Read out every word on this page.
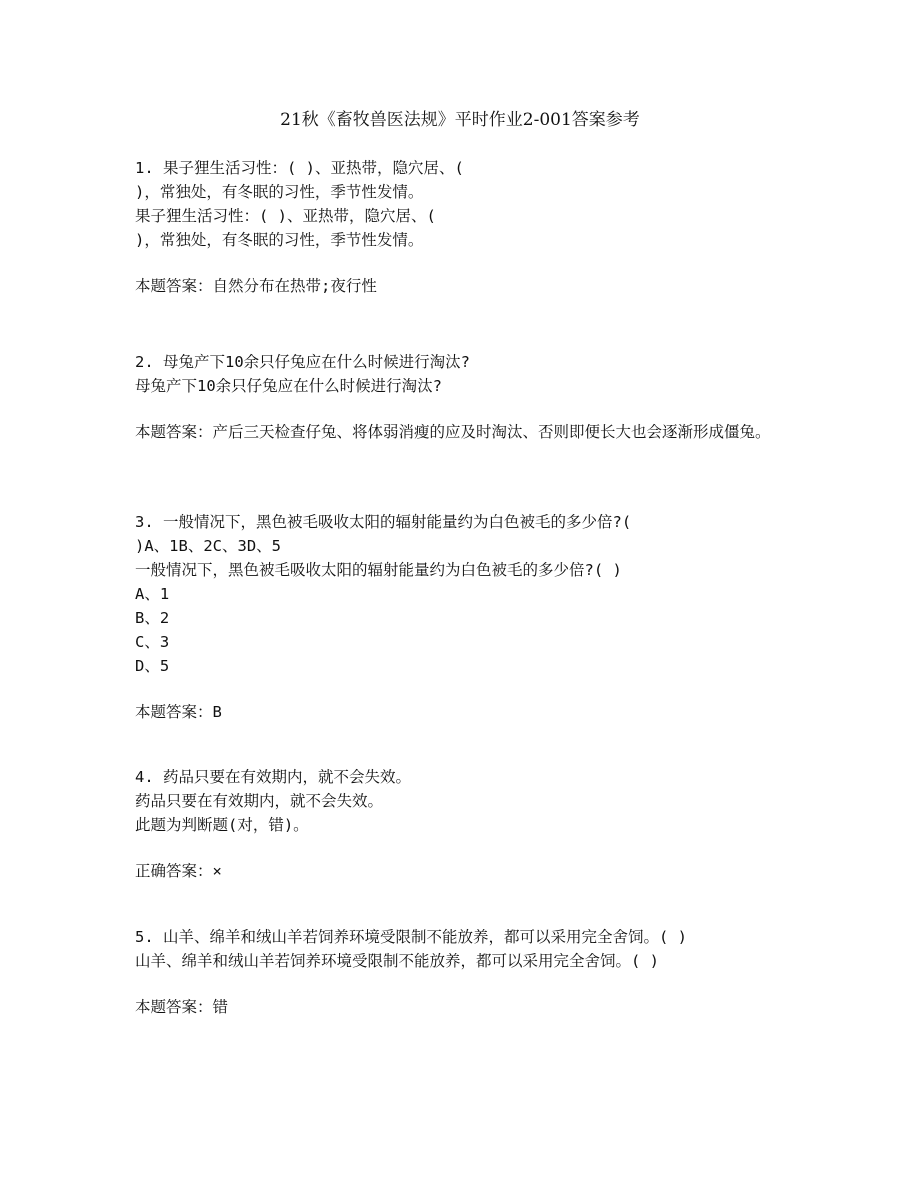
21秋《畜牧兽医法规》平时作业2-001答案参考
1. 果子狸生活习性：( )、亚热带，隐穴居、(
)，常独处，有冬眠的习性，季节性发情。
果子狸生活习性：( )、亚热带，隐穴居、(
)，常独处，有冬眠的习性，季节性发情。
本题答案：自然分布在热带;夜行性
2. 母兔产下10余只仔兔应在什么时候进行淘汰?
母兔产下10余只仔兔应在什么时候进行淘汰?
本题答案：产后三天检查仔兔、将体弱消瘦的应及时淘汰、否则即便长大也会逐渐形成僵兔。
3. 一般情况下，黑色被毛吸收太阳的辐射能量约为白色被毛的多少倍?(
)A、1B、2C、3D、5
一般情况下，黑色被毛吸收太阳的辐射能量约为白色被毛的多少倍?( )
A、1
B、2
C、3
D、5
本题答案：B
4. 药品只要在有效期内，就不会失效。
药品只要在有效期内，就不会失效。
此题为判断题(对，错)。
正确答案：×
5. 山羊、绵羊和绒山羊若饲养环境受限制不能放养，都可以采用完全舍饲。( )
山羊、绵羊和绒山羊若饲养环境受限制不能放养，都可以采用完全舍饲。( )
本题答案：错
